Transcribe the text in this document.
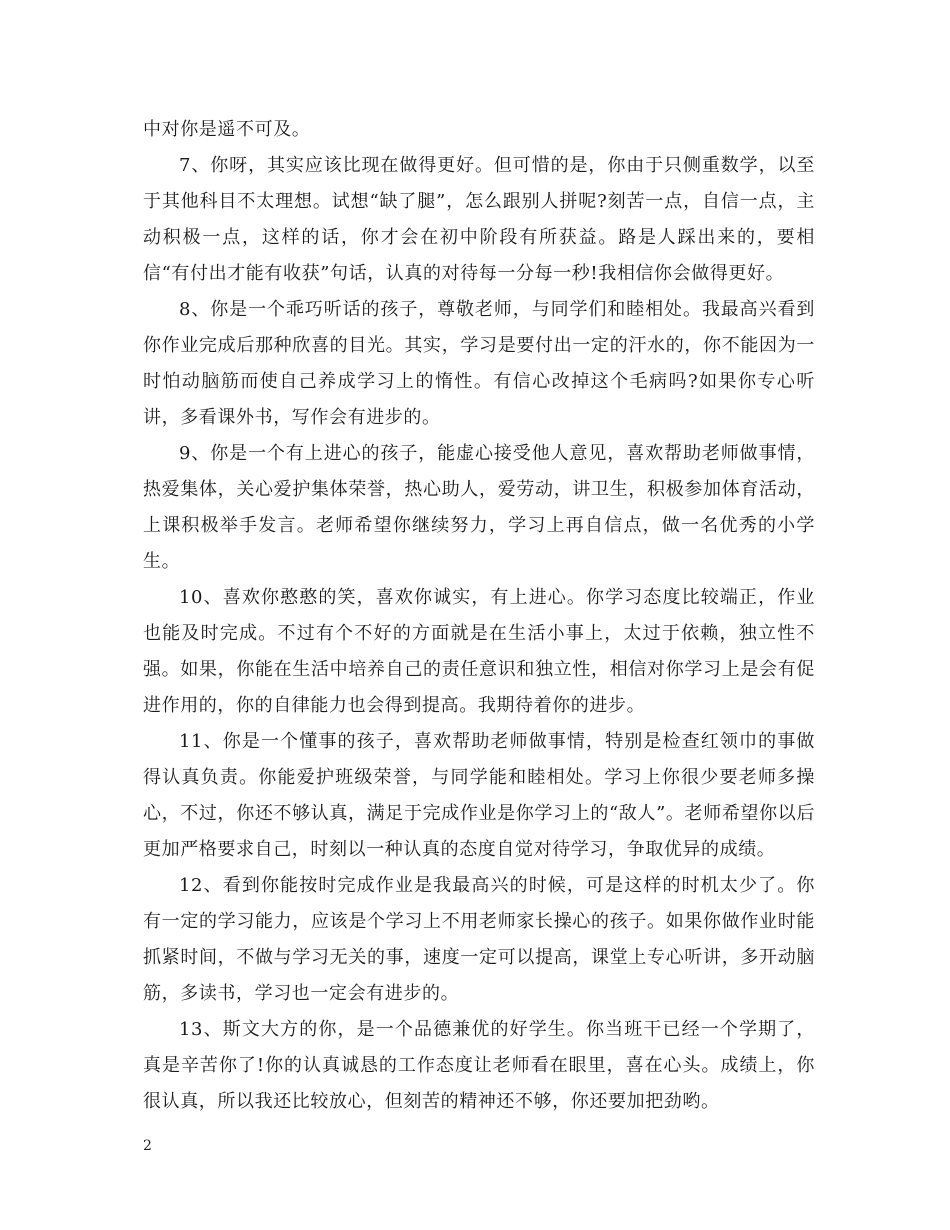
中对你是遥不可及。

7、你呀，其实应该比现在做得更好。但可惜的是，你由于只侧重数学，以至于其他科目不太理想。试想“缺了腿”，怎么跟别人拼呢?刻苦一点，自信一点，主动积极一点，这样的话，你才会在初中阶段有所获益。路是人踩出来的，要相信“有付出才能有收获”句话，认真的对待每一分每一秒!我相信你会做得更好。

8、你是一个乖巧听话的孩子，尊敬老师，与同学们和睦相处。我最高兴看到你作业完成后那种欣喜的目光。其实，学习是要付出一定的汗水的，你不能因为一时怕动脑筋而使自己养成学习上的惰性。有信心改掉这个毛病吗?如果你专心听讲，多看课外书，写作会有进步的。

9、你是一个有上进心的孩子，能虚心接受他人意见，喜欢帮助老师做事情，热爱集体，关心爱护集体荣誉，热心助人，爱劳动，讲卫生，积极参加体育活动，上课积极举手发言。老师希望你继续努力，学习上再自信点，做一名优秀的小学生。

10、喜欢你憨憨的笑，喜欢你诚实，有上进心。你学习态度比较端正，作业也能及时完成。不过有个不好的方面就是在生活小事上，太过于依赖，独立性不强。如果，你能在生活中培养自己的责任意识和独立性，相信对你学习上是会有促进作用的，你的自律能力也会得到提高。我期待着你的进步。

11、你是一个懂事的孩子，喜欢帮助老师做事情，特别是检查红领巾的事做得认真负责。你能爱护班级荣誉，与同学能和睦相处。学习上你很少要老师多操心，不过，你还不够认真，满足于完成作业是你学习上的“敌人”。老师希望你以后更加严格要求自己，时刻以一种认真的态度自觉对待学习，争取优异的成绩。

12、看到你能按时完成作业是我最高兴的时候，可是这样的时机太少了。你有一定的学习能力，应该是个学习上不用老师家长操心的孩子。如果你做作业时能抓紧时间，不做与学习无关的事，速度一定可以提高，课堂上专心听讲，多开动脑筋，多读书，学习也一定会有进步的。

13、斯文大方的你，是一个品德兼优的好学生。你当班干已经一个学期了，真是辛苦你了!你的认真诚恳的工作态度让老师看在眼里，喜在心头。成绩上，你很认真，所以我还比较放心，但刻苦的精神还不够，你还要加把劲哟。

2
